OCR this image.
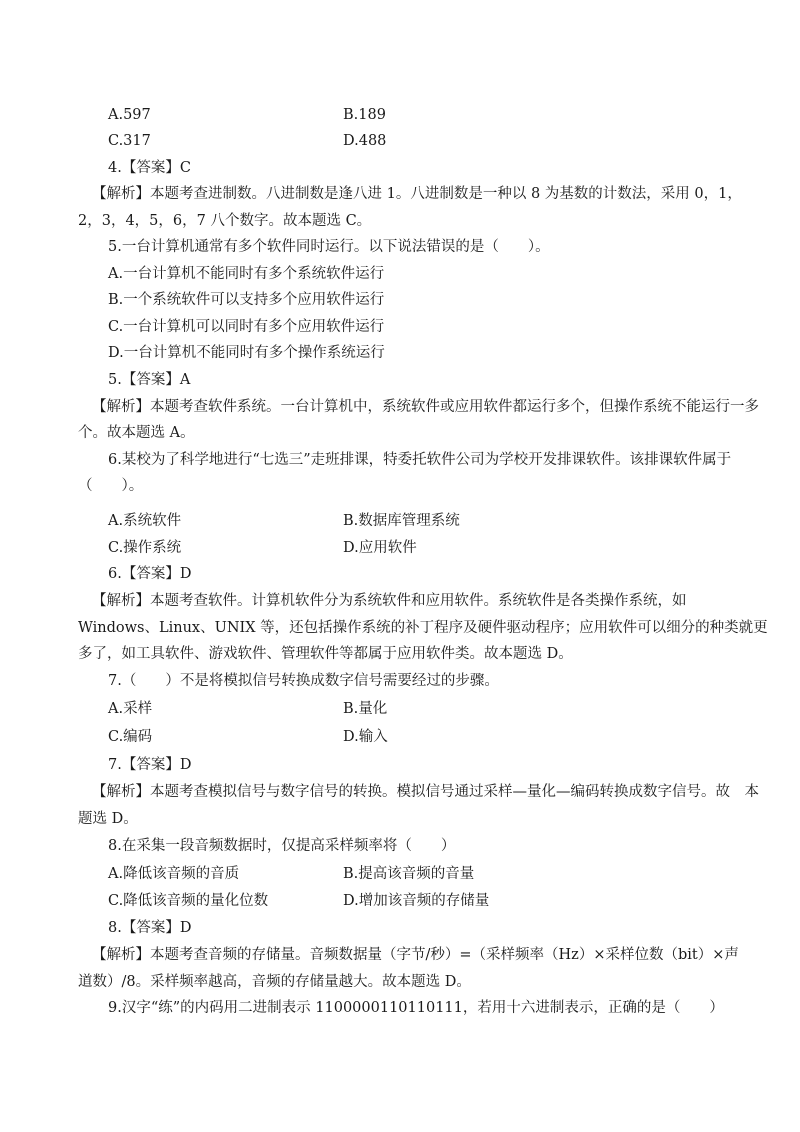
A.597	B.189
C.317	D.488
4.【答案】C
【解析】本题考查进制数。八进制数是逢八进 1。八进制数是一种以 8 为基数的计数法，采用 0，1，
2，3，4，5，6，7 八个数字。故本题选 C。
5.一台计算机通常有多个软件同时运行。以下说法错误的是（　　）。
A.一台计算机不能同时有多个系统软件运行
B.一个系统软件可以支持多个应用软件运行
C.一台计算机可以同时有多个应用软件运行
D.一台计算机不能同时有多个操作系统运行
5.【答案】A
【解析】本题考查软件系统。一台计算机中，系统软件或应用软件都运行多个，但操作系统不能运行一多
个。故本题选 A。
6.某校为了科学地进行“七选三”走班排课，特委托软件公司为学校开发排课软件。该排课软件属于
（　　）。
A.系统软件	B.数据库管理系统
C.操作系统	D.应用软件
6.【答案】D
【解析】本题考查软件。计算机软件分为系统软件和应用软件。系统软件是各类操作系统，如
Windows、Linux、UNIX 等，还包括操作系统的补丁程序及硬件驱动程序；应用软件可以细分的种类就更
多了，如工具软件、游戏软件、管理软件等都属于应用软件类。故本题选 D。
7.（　　）不是将模拟信号转换成数字信号需要经过的步骤。
A.采样	B.量化
C.编码	D.输入
7.【答案】D
【解析】本题考查模拟信号与数字信号的转换。模拟信号通过采样—量化—编码转换成数字信号。故　本
题选 D。
8.在采集一段音频数据时，仅提高采样频率将（　　）
A.降低该音频的音质	B.提高该音频的音量
C.降低该音频的量化位数	D.增加该音频的存储量
8.【答案】D
【解析】本题考查音频的存储量。音频数据量（字节/秒）=（采样频率（Hz）×采样位数（bit）×声
道数）/8。采样频率越高，音频的存储量越大。故本题选 D。
9.汉字“练”的内码用二进制表示 1100000110110111，若用十六进制表示，正确的是（　　）
